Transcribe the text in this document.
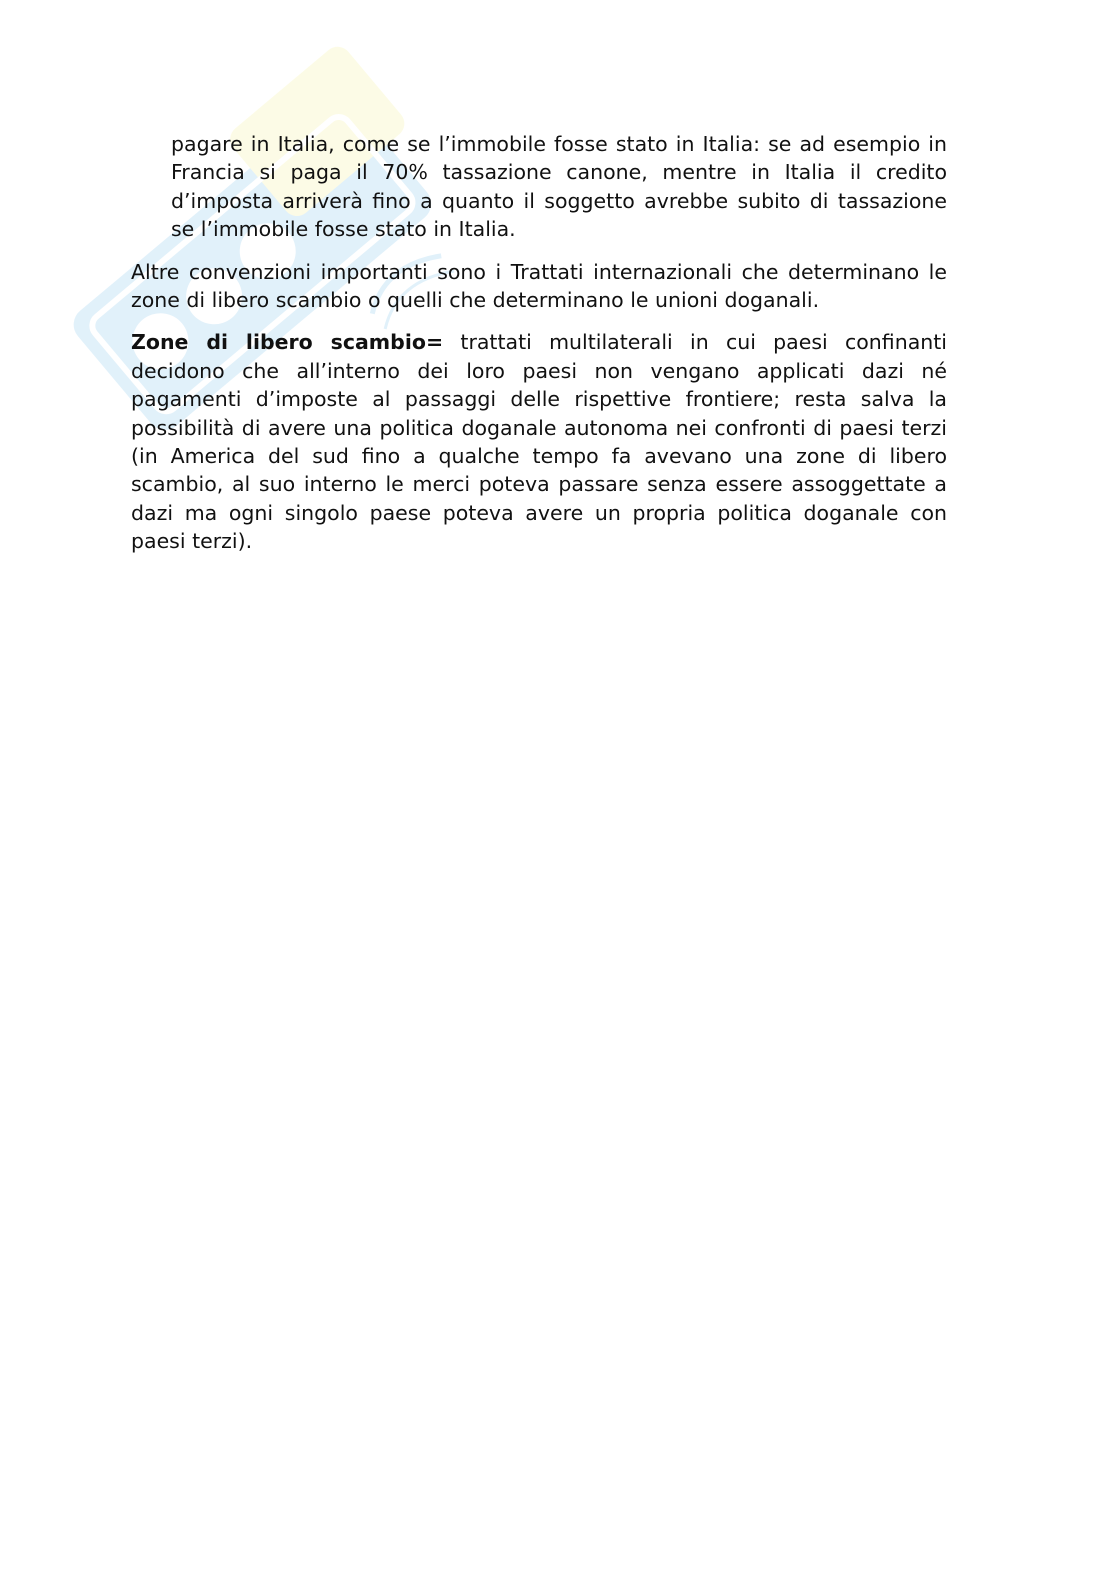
pagare in Italia, come se l’immobile fosse stato in Italia: se ad esempio in Francia si paga il 70% tassazione canone, mentre in Italia il credito d’imposta arriverà fino a quanto il soggetto avrebbe subito di tassazione se l’immobile fosse stato in Italia.

Altre convenzioni importanti sono i Trattati internazionali che determinano le zone di libero scambio o quelli che determinano le unioni doganali.

Zone di libero scambio= trattati multilaterali in cui paesi confinanti decidono che all’interno dei loro paesi non vengano applicati dazi né pagamenti d’imposte al passaggi delle rispettive frontiere; resta salva la possibilità di avere una politica doganale autonoma nei confronti di paesi terzi (in America del sud fino a qualche tempo fa avevano una zone di libero scambio, al suo interno le merci poteva passare senza essere assoggettate a dazi ma ogni singolo paese poteva avere un propria politica doganale con paesi terzi).
